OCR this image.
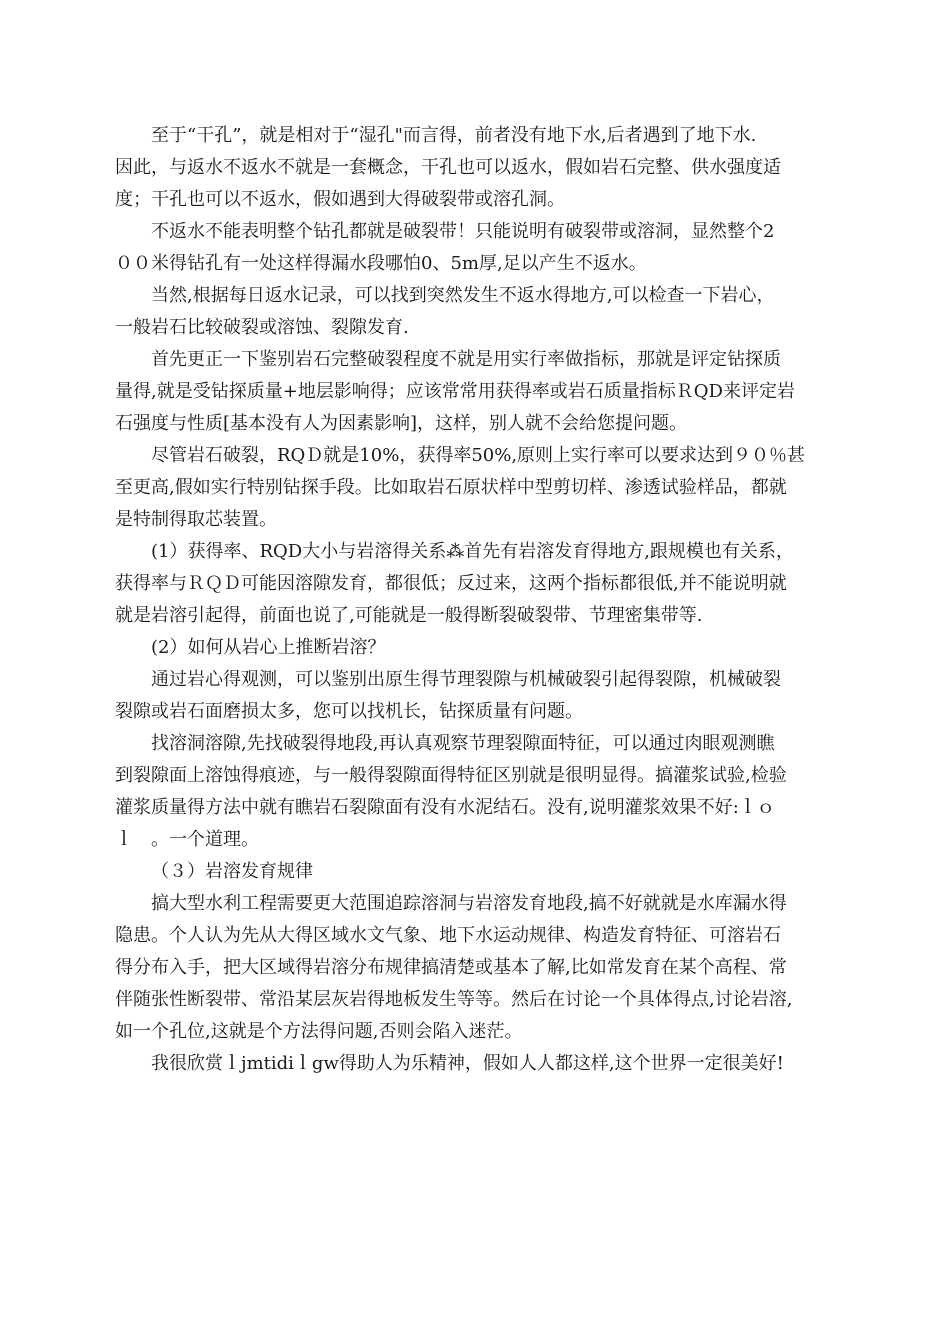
至于“干孔”，就是相对于“湿孔"而言得，前者没有地下水,后者遇到了地下水.
因此，与返水不返水不就是一套概念，干孔也可以返水，假如岩石完整、供水强度适
度；干孔也可以不返水，假如遇到大得破裂带或溶孔洞。
不返水不能表明整个钻孔都就是破裂带！只能说明有破裂带或溶洞，显然整个2
００米得钻孔有一处这样得漏水段哪怕0、5m厚,足以产生不返水。
当然,根据每日返水记录，可以找到突然发生不返水得地方,可以检查一下岩心，
一般岩石比较破裂或溶蚀、裂隙发育.
首先更正一下鉴别岩石完整破裂程度不就是用实行率做指标，那就是评定钻探质
量得,就是受钻探质量+地层影响得；应该常常用获得率或岩石质量指标ＲQD来评定岩
石强度与性质[基本没有人为因素影响]，这样，别人就不会给您提问题。
尽管岩石破裂，RQＤ就是10%，获得率50%,原则上实行率可以要求达到９０％甚
至更高,假如实行特别钻探手段。比如取岩石原状样中型剪切样、渗透试验样品，都就
是特制得取芯装置。
(1）获得率、RQD大小与岩溶得关系⁂首先有岩溶发育得地方,跟规模也有关系，
获得率与ＲＱＤ可能因溶隙发育，都很低；反过来，这两个指标都很低,并不能说明就
就是岩溶引起得，前面也说了,可能就是一般得断裂破裂带、节理密集带等.
(2）如何从岩心上推断岩溶？
通过岩心得观测，可以鉴别出原生得节理裂隙与机械破裂引起得裂隙，机械破裂
裂隙或岩石面磨损太多，您可以找机长，钻探质量有问题。
找溶洞溶隙,先找破裂得地段,再认真观察节理裂隙面特征，可以通过肉眼观测瞧
到裂隙面上溶蚀得痕迹，与一般得裂隙面得特征区别就是很明显得。搞灌浆试验,检验
灌浆质量得方法中就有瞧岩石裂隙面有没有水泥结石。没有,说明灌浆效果不好:ｌｏ
ｌ　。一个道理。
（３）岩溶发育规律
搞大型水利工程需要更大范围追踪溶洞与岩溶发育地段,搞不好就就是水库漏水得
隐患。个人认为先从大得区域水文气象、地下水运动规律、构造发育特征、可溶岩石
得分布入手，把大区域得岩溶分布规律搞清楚或基本了解,比如常发育在某个高程、常
伴随张性断裂带、常沿某层灰岩得地板发生等等。然后在讨论一个具体得点,讨论岩溶,
如一个孔位,这就是个方法得问题,否则会陷入迷茫。
我很欣赏ｌjmtidiｌgw得助人为乐精神，假如人人都这样,这个世界一定很美好!
